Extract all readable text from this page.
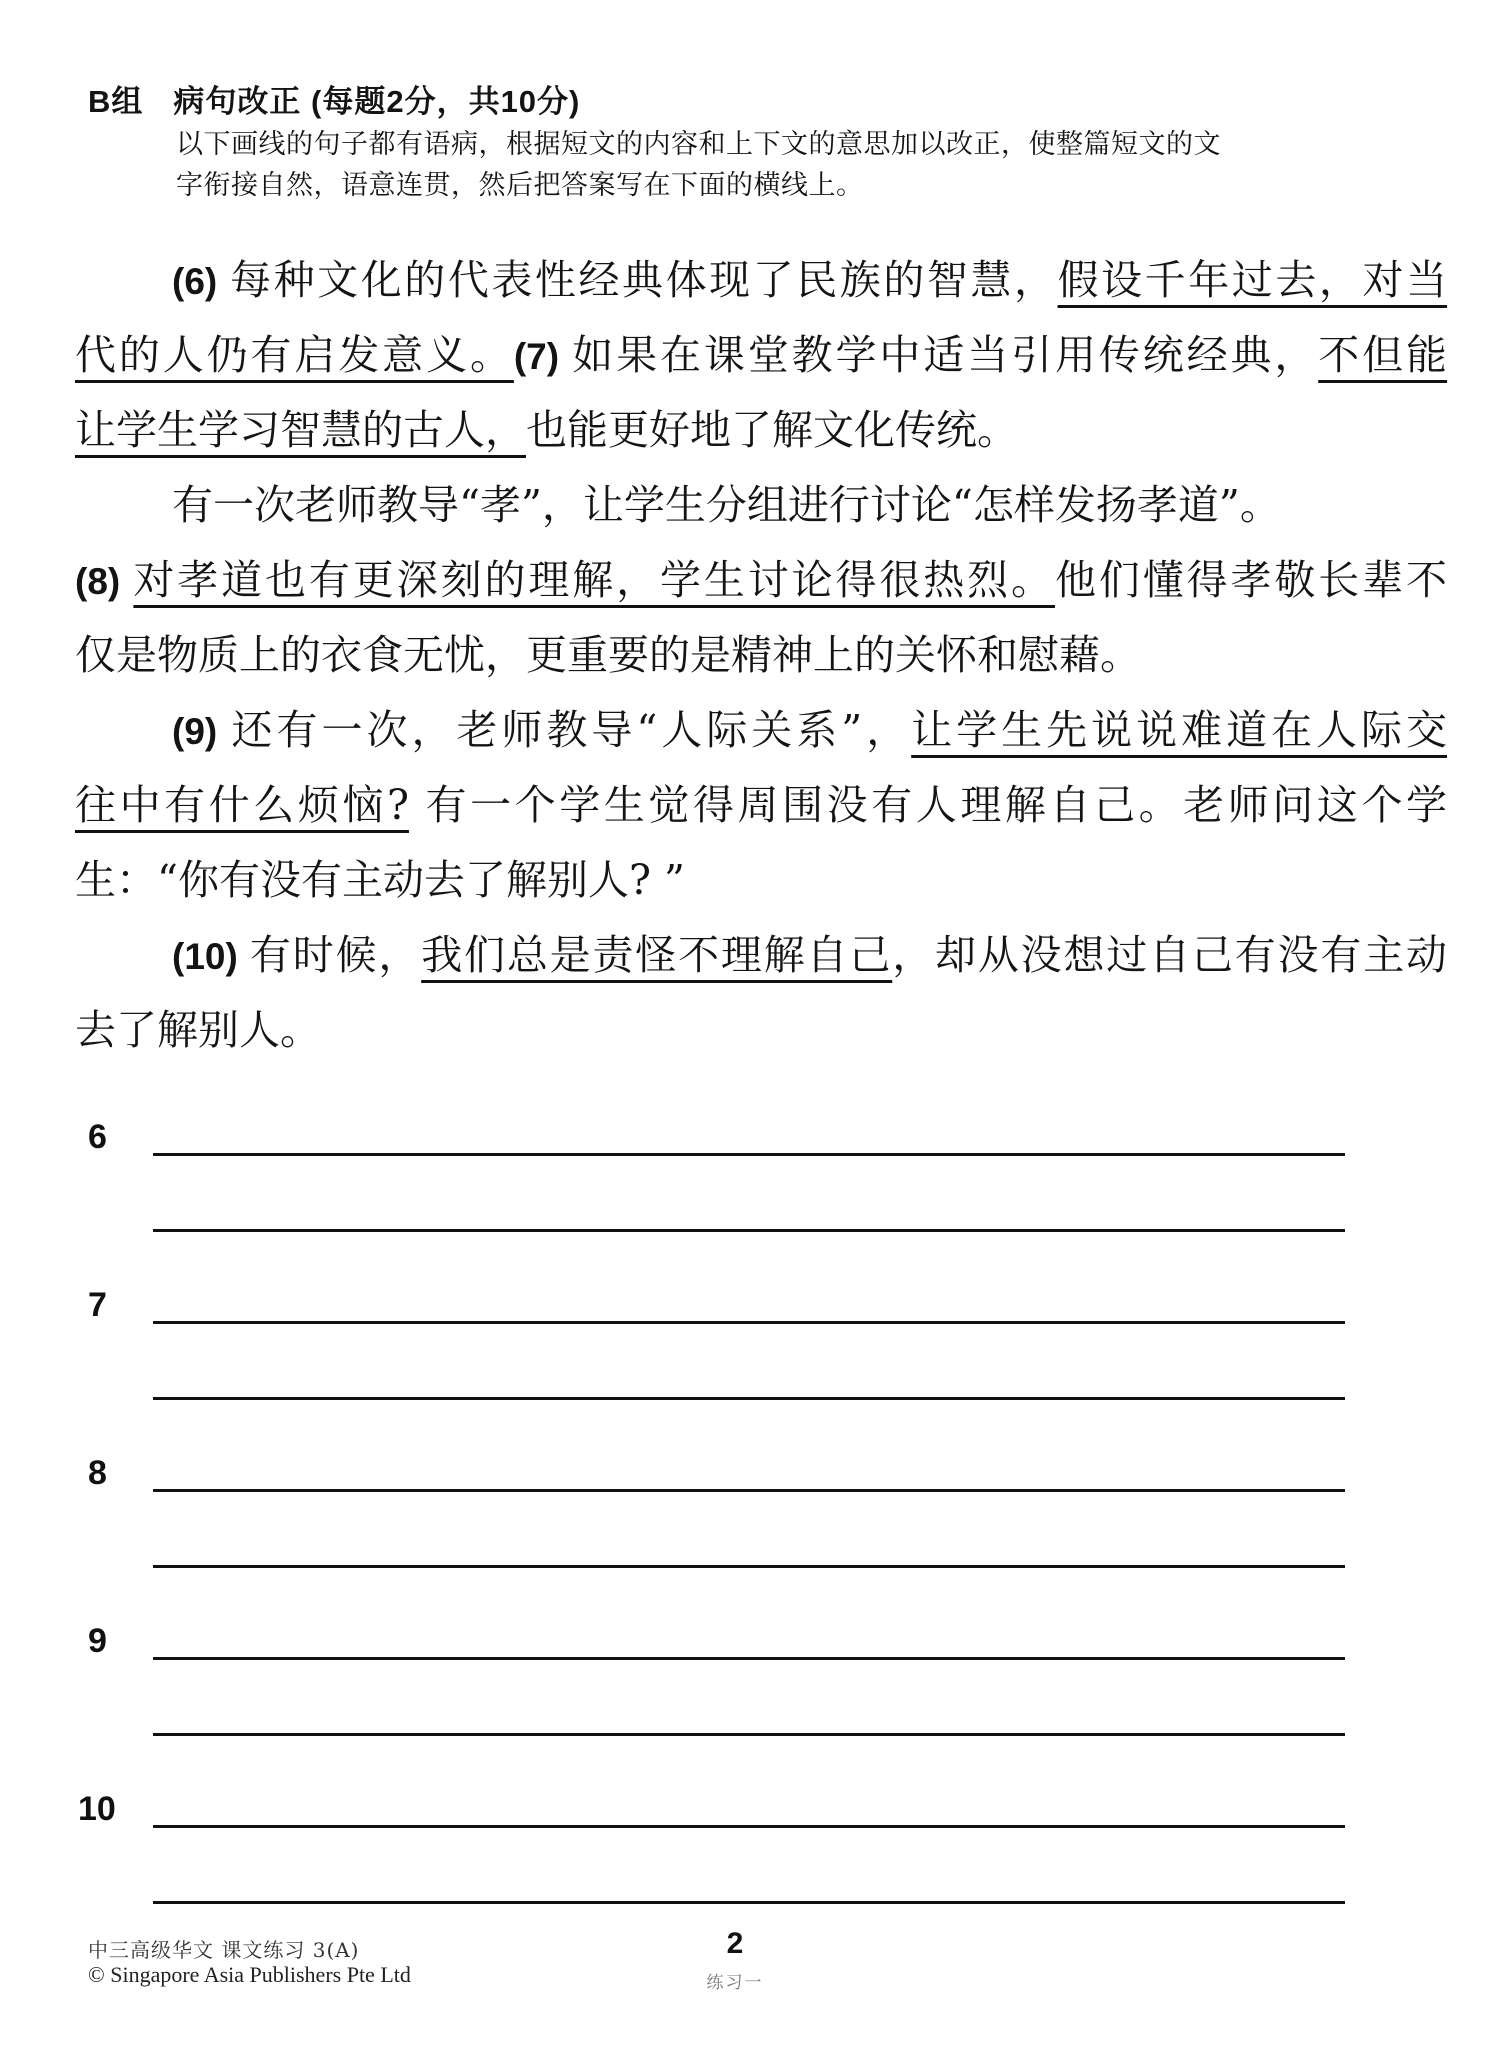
B组 病句改正 (每题2分，共10分)
以下画线的句子都有语病，根据短文的内容和上下文的意思加以改正，使整篇短文的文
字衔接自然，语意连贯，然后把答案写在下面的横线上。
(6) 每种文化的代表性经典体现了民族的智慧，假设千年过去，对当
代的人仍有启发意义。(7) 如果在课堂教学中适当引用传统经典，不但能
让学生学习智慧的古人，也能更好地了解文化传统。
有一次老师教导“孝”，让学生分组进行讨论“怎样发扬孝道”。
(8) 对孝道也有更深刻的理解，学生讨论得很热烈。他们懂得孝敬长辈不
仅是物质上的衣食无忧，更重要的是精神上的关怀和慰藉。
(9) 还有一次，老师教导“人际关系”，让学生先说说难道在人际交
往中有什么烦恼? 有一个学生觉得周围没有人理解自己。老师问这个学
生：“你有没有主动去了解别人? ”
(10) 有时候，我们总是责怪不理解自己，却从没想过自己有没有主动
去了解别人。
6
7
8
9
10
中三高级华文 课文练习 3(A)
© Singapore Asia Publishers Pte Ltd
2
练习一
